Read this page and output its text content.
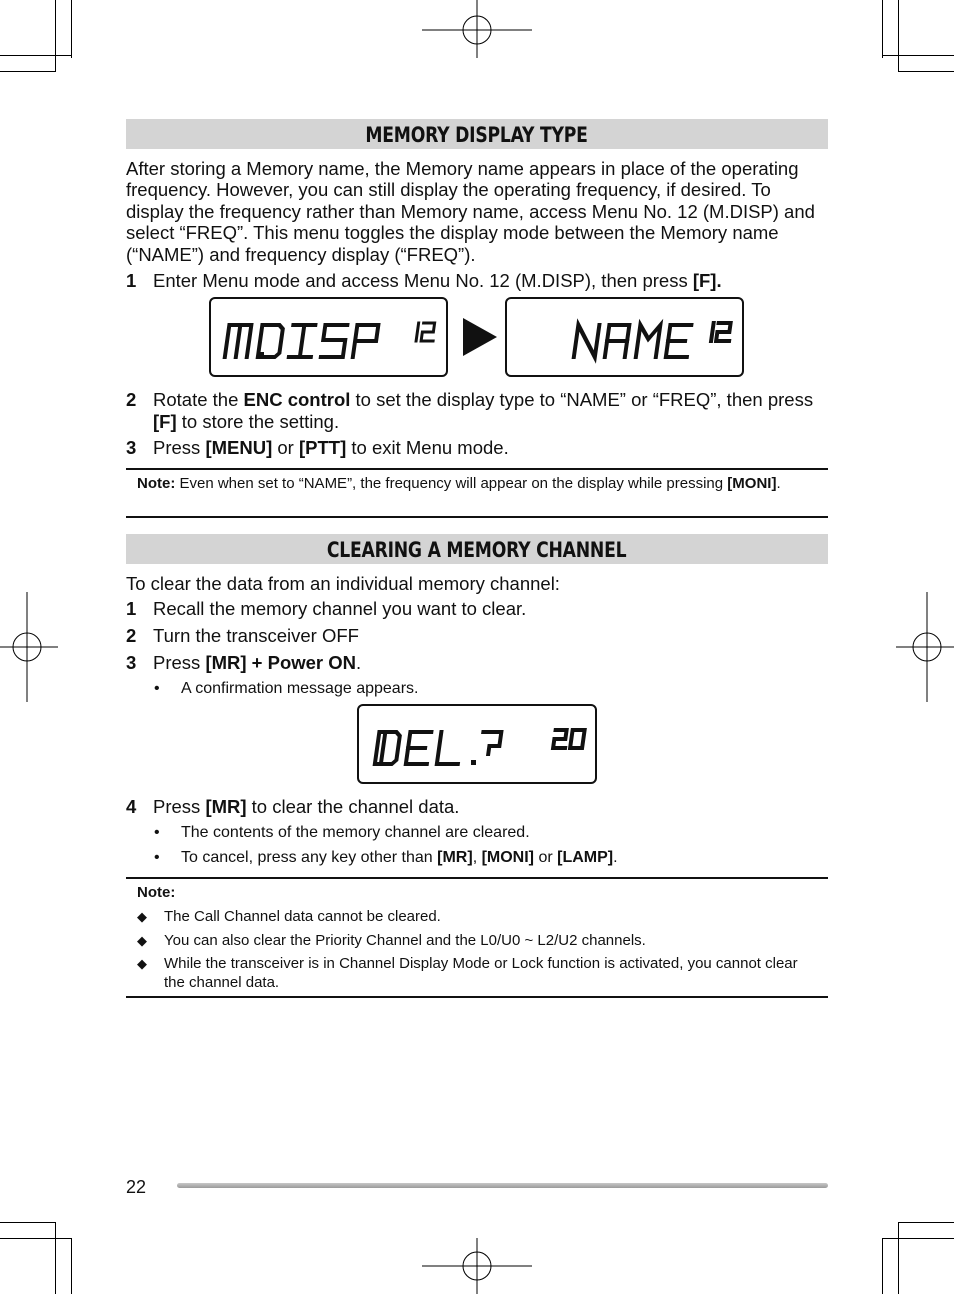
MEMORY DISPLAY TYPE
After storing a Memory name, the Memory name appears in place of the operating frequency. However, you can still display the operating frequency, if desired. To display the frequency rather than Memory name, access Menu No. 12 (M.DISP) and select “FREQ”. This menu toggles the display mode between the Memory name (“NAME”) and frequency display (“FREQ”).
1 Enter Menu mode and access Menu No. 12 (M.DISP), then press [F].
2 Rotate the ENC control to set the display type to “NAME” or “FREQ”, then press [F] to store the setting.
3 Press [MENU] or [PTT] to exit Menu mode.
Note: Even when set to “NAME”, the frequency will appear on the display while pressing [MONI].
CLEARING A MEMORY CHANNEL
To clear the data from an individual memory channel:
1 Recall the memory channel you want to clear.
2 Turn the transceiver OFF
3 Press [MR] + Power ON.
• A confirmation message appears.
4 Press [MR] to clear the channel data.
• The contents of the memory channel are cleared.
• To cancel, press any key other than [MR], [MONI] or [LAMP].
Note:
◆ The Call Channel data cannot be cleared.
◆ You can also clear the Priority Channel and the L0/U0 ~ L2/U2 channels.
◆ While the transceiver is in Channel Display Mode or Lock function is activated, you cannot clear the channel data.
22
